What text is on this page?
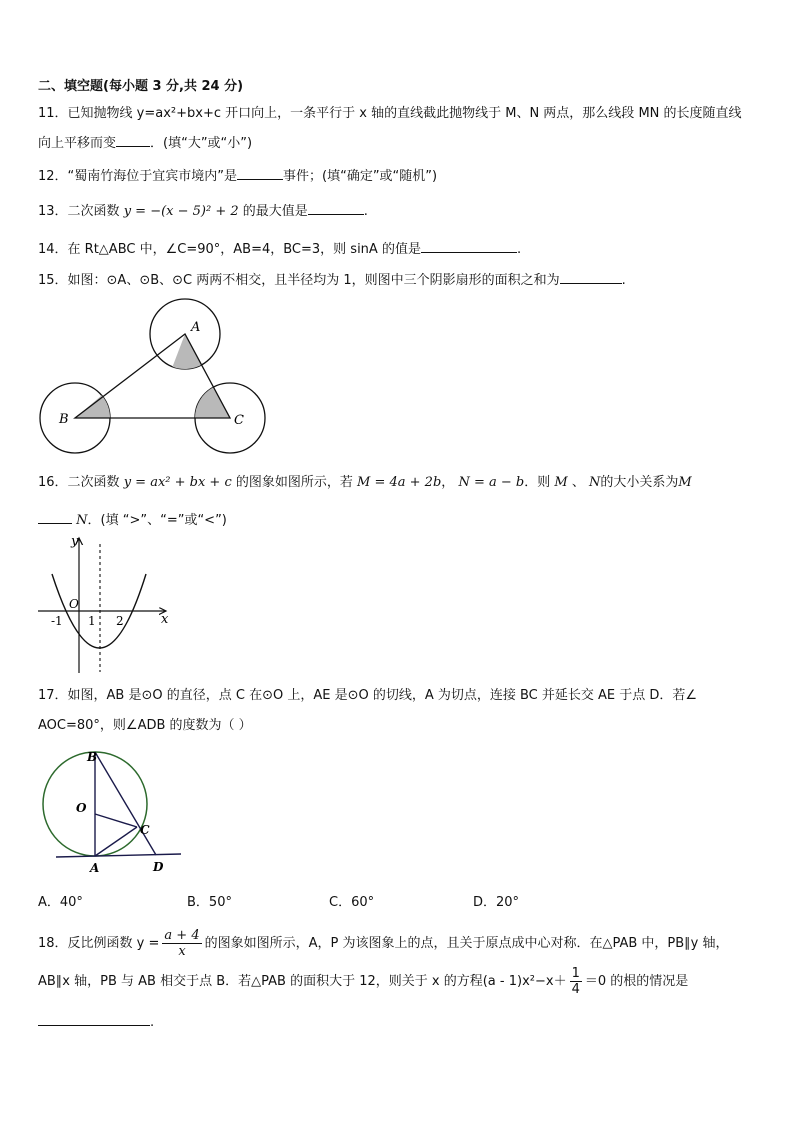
二、填空题(每小题 3 分,共 24 分)
11．已知抛物线 y=ax²+bx+c 开口向上，一条平行于 x 轴的直线截此抛物线于 M、N 两点，那么线段 MN 的长度随直线
向上平移而变	．(填“大”或“小”)
12．“蜀南竹海位于宜宾市境内”是	事件；(填“确定”或“随机”)
13．二次函数 y = −(x − 5)² + 2 的最大值是	.
14．在 Rt△ABC 中，∠C=90°，AB=4，BC=3，则 sinA 的值是	.
15．如图：⊙A、⊙B、⊙C 两两不相交，且半径均为 1，则图中三个阴影扇形的面积之和为	.
A
B	C
16．二次函数 y = ax² + bx + c 的图象如图所示，若 M = 4a + 2b， N = a − b．则 M 、 N的大小关系为M
N．(填 “>”、“=”或“<”)
y
x
O
-1 1 2
17．如图，AB 是⊙O 的直径，点 C 在⊙O 上，AE 是⊙O 的切线，A 为切点，连接 BC 并延长交 AE 于点 D．若∠
AOC=80°，则∠ADB 的度数为（ ）
B
O
C
A	D
A．40°	B．50°	C．60°	D．20°
18．反比例函数 $y = \frac{a + 4}{x}$ 的图象如图所示，A，P 为该图象上的点，且关于原点成中心对称．在△PAB 中，PB∥y 轴，
AB∥x 轴，PB 与 AB 相交于点 B．若△PAB 的面积大于 12，则关于 x 的方程$(a - 1)x^2-x+ \frac{1}{4} =0$ 的根的情况是
.
